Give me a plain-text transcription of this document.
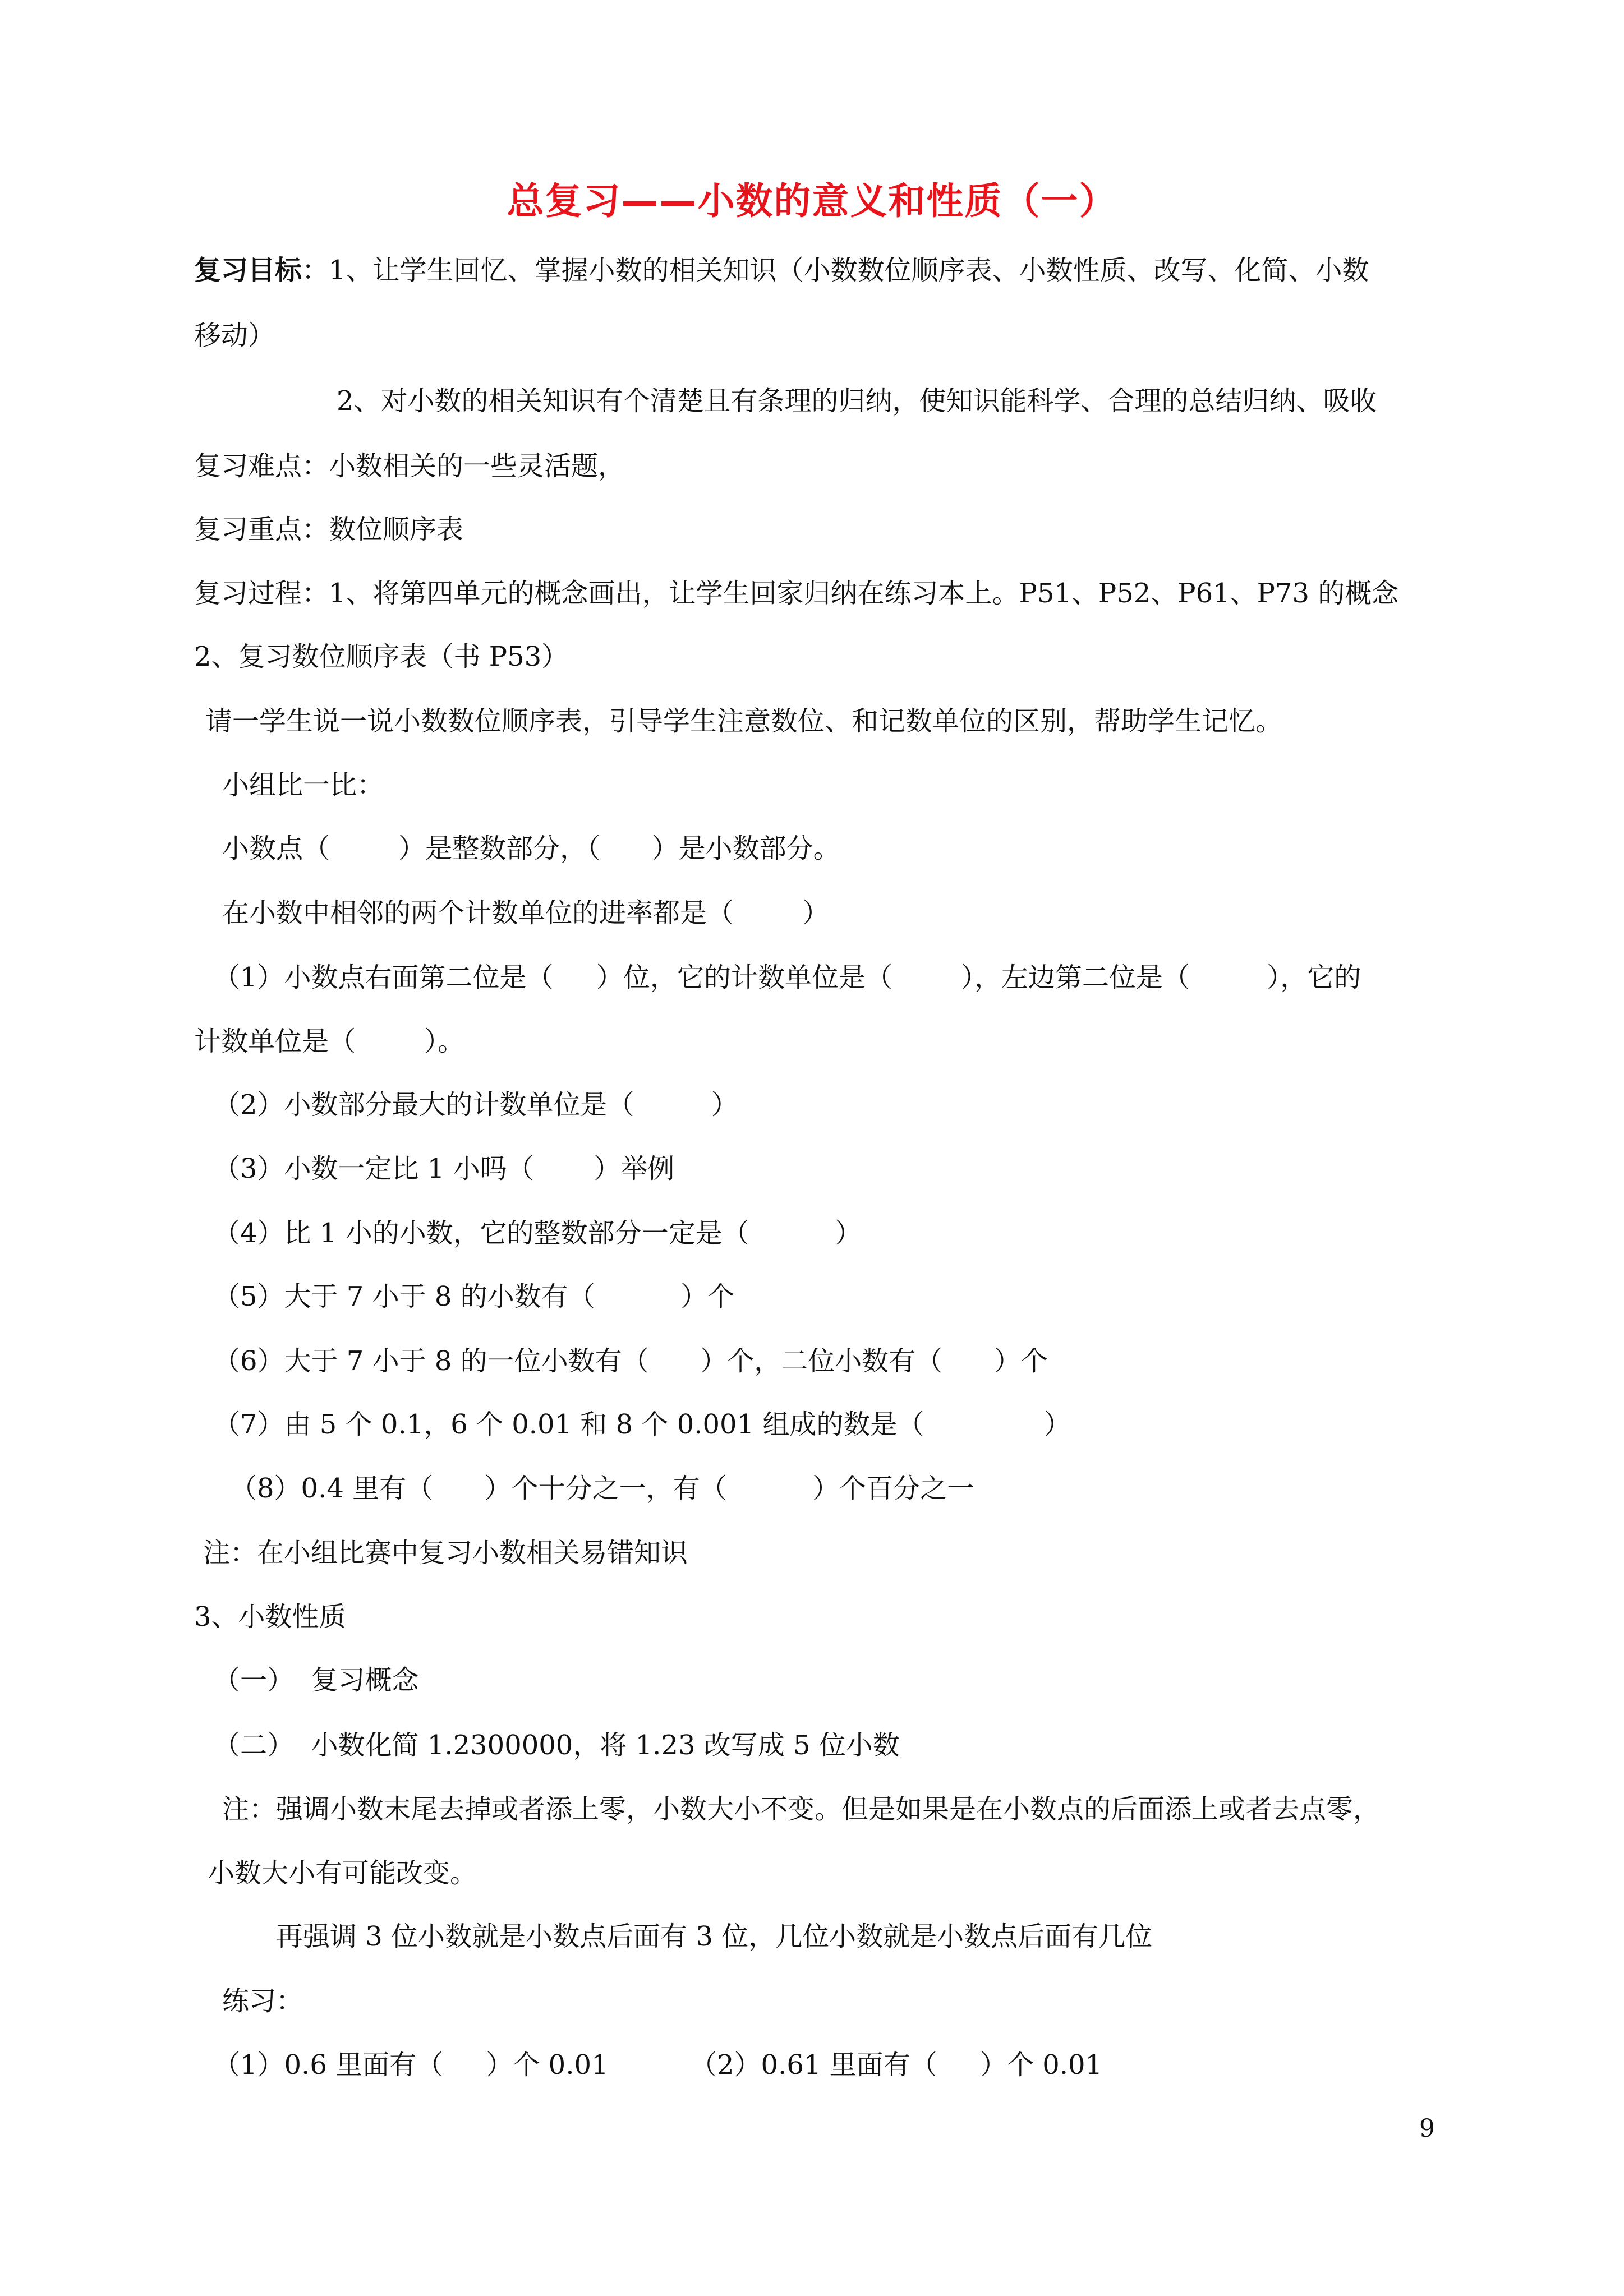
总复习——小数的意义和性质（一）
复习目标：1、让学生回忆、掌握小数的相关知识（小数数位顺序表、小数性质、改写、化简、小数
移动）
2、对小数的相关知识有个清楚且有条理的归纳，使知识能科学、合理的总结归纳、吸收
复习难点：小数相关的一些灵活题，
复习重点：数位顺序表
复习过程：1、将第四单元的概念画出，让学生回家归纳在练习本上。P51、P52、P61、P73 的概念
2、复习数位顺序表（书 P53）
请一学生说一说小数数位顺序表，引导学生注意数位、和记数单位的区别，帮助学生记忆。
小组比一比：
小数点（        ）是整数部分，（      ）是小数部分。
在小数中相邻的两个计数单位的进率都是（        ）
（1）小数点右面第二位是（     ）位，它的计数单位是（        ），左边第二位是（         ），它的
计数单位是（        ）。
（2）小数部分最大的计数单位是（         ）
（3）小数一定比 1 小吗（       ）举例
（4）比 1 小的小数，它的整数部分一定是（          ）
（5）大于 7 小于 8 的小数有（          ）个
（6）大于 7 小于 8 的一位小数有（      ）个，二位小数有（      ）个
（7）由 5 个 0.1，6 个 0.01 和 8 个 0.001 组成的数是（              ）
（8）0.4 里有（      ）个十分之一，有（          ）个百分之一
注：在小组比赛中复习小数相关易错知识
3、小数性质
（一）  复习概念
（二）  小数化简 1.2300000，将 1.23 改写成 5 位小数
注：强调小数末尾去掉或者添上零，小数大小不变。但是如果是在小数点的后面添上或者去点零，
小数大小有可能改变。
再强调 3 位小数就是小数点后面有 3 位，几位小数就是小数点后面有几位
练习：
（1）0.6 里面有（     ）个 0.01	（2）0.61 里面有（     ）个 0.01
9
